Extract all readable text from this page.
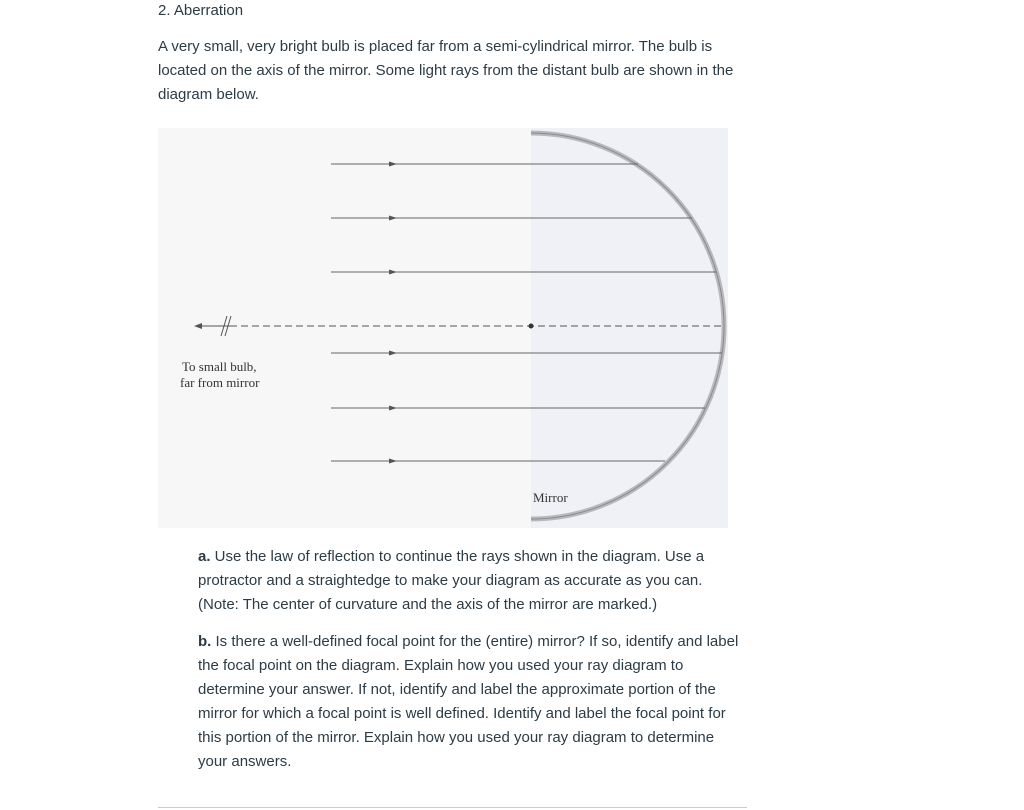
2. Aberration
A very small, very bright bulb is placed far from a semi-cylindrical mirror. The bulb is located on the axis of the mirror. Some light rays from the distant bulb are shown in the diagram below.
To small bulb,
far from mirror
Mirror
a. Use the law of reflection to continue the rays shown in the diagram. Use a protractor and a straightedge to make your diagram as accurate as you can. (Note: The center of curvature and the axis of the mirror are marked.)
b. Is there a well-defined focal point for the (entire) mirror? If so, identify and label the focal point on the diagram. Explain how you used your ray diagram to determine your answer. If not, identify and label the approximate portion of the mirror for which a focal point is well defined. Identify and label the focal point for this portion of the mirror. Explain how you used your ray diagram to determine your answers.
